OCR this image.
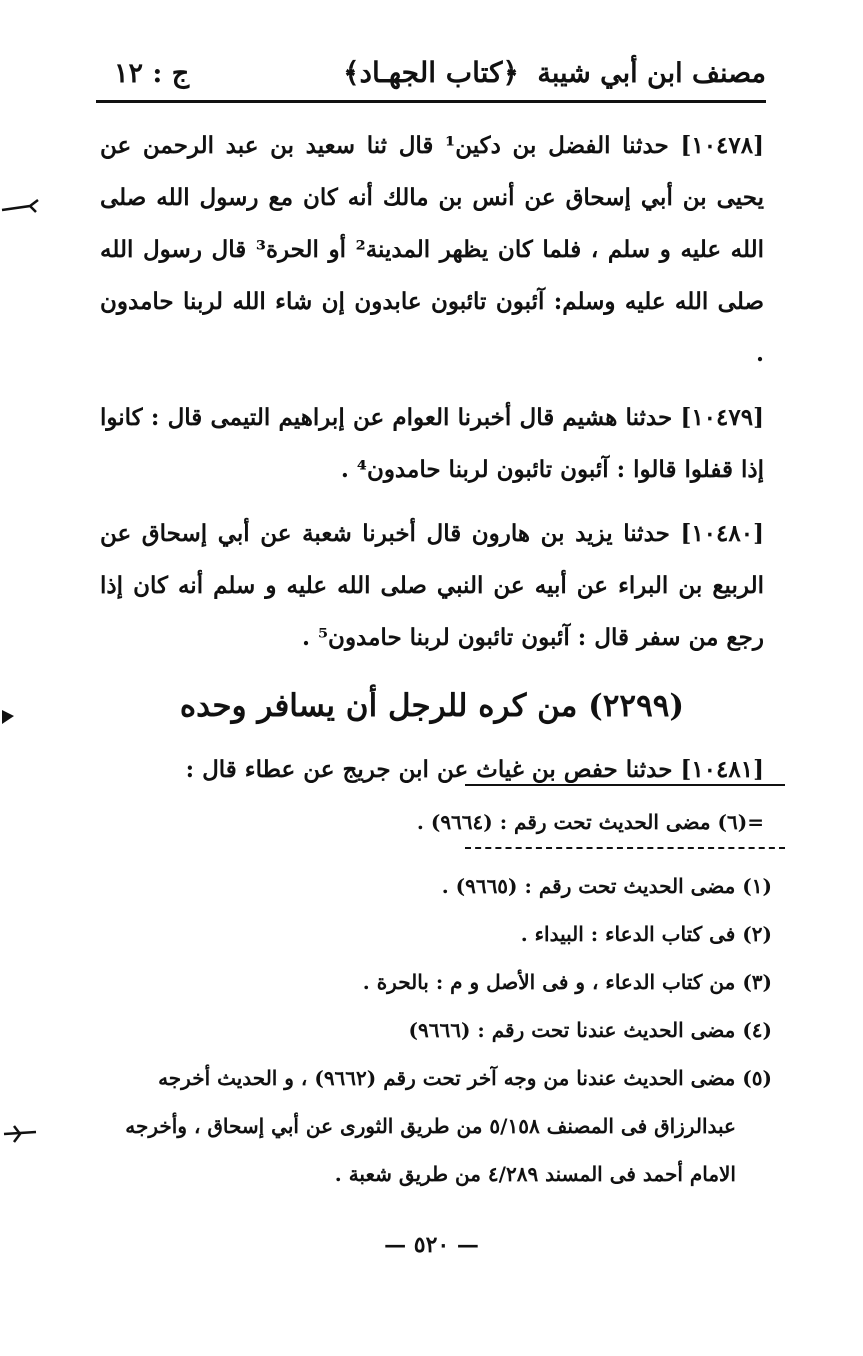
مصنف ابن أبي شيبة
﴿كتاب الجهـاد﴾
ج : ١٢

[١٠٤٧٨] حدثنا الفضل بن دكين¹ قال ثنا سعيد بن عبد الرحمن عن يحيى بن أبي إسحاق عن أنس بن مالك أنه كان مع رسول الله صلى الله عليه و سلم ، فلما كان يظهر المدينة² أو الحرة³ قال رسول الله صلى الله عليه وسلم: آئبون تائبون عابدون إن شاء الله لربنا حامدون .

[١٠٤٧٩] حدثنا هشيم قال أخبرنا العوام عن إبراهيم التيمى قال : كانوا إذا قفلوا قالوا : آئبون تائبون لربنا حامدون⁴ .

[١٠٤٨٠] حدثنا يزيد بن هارون قال أخبرنا شعبة عن أبي إسحاق عن الربيع بن البراء عن أبيه عن النبي صلى الله عليه و سلم أنه كان إذا رجع من سفر قال : آئبون تائبون لربنا حامدون⁵ .

(٢٢٩٩) من كره للرجل أن يسافر وحده

[١٠٤٨١] حدثنا حفص بن غياث عن ابن جريج عن عطاء قال :

=(٦) مضى الحديث تحت رقم : (٩٦٦٤) .
(١) مضى الحديث تحت رقم : (٩٦٦٥) .
(٢) فى كتاب الدعاء : البيداء .
(٣) من كتاب الدعاء ، و فى الأصل و م : بالحرة .
(٤) مضى الحديث عندنا تحت رقم : (٩٦٦٦)
(٥) مضى الحديث عندنا من وجه آخر تحت رقم (٩٦٦٢) ، و الحديث أخرجه
عبدالرزاق فى المصنف ٥/١٥٨ من طريق الثورى عن أبي إسحاق ، وأخرجه
الامام أحمد فى المسند ٤/٢٨٩ من طريق شعبة .
— ٥٢٠ —
